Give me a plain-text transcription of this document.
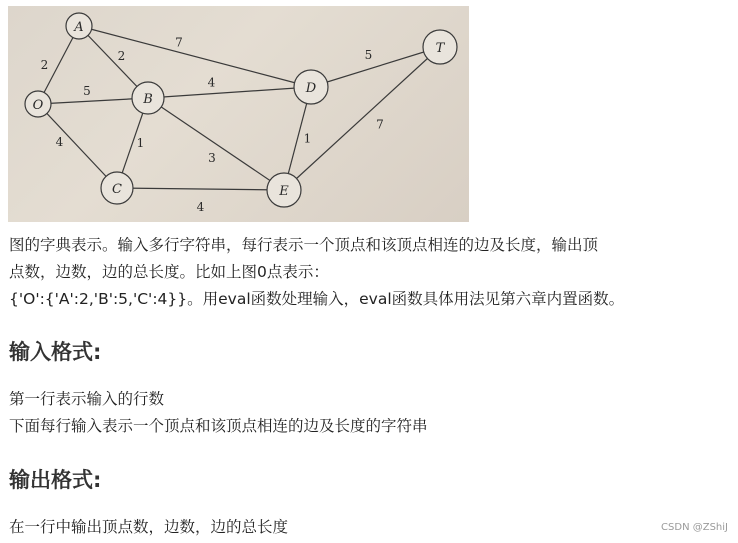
2
2
7
5
4
5
4	1
3
1
7
4
A
O	B
C
D
E
T

图的字典表示。输入多行字符串，每行表示一个顶点和该顶点相连的边及长度，输出顶

点数，边数，边的总长度。比如上图0点表示：

{'O':{'A':2,'B':5,'C':4}}。用eval函数处理输入，eval函数具体用法见第六章内置函数。

输入格式:

第一行表示输入的行数

下面每行输入表示一个顶点和该顶点相连的边及长度的字符串

输出格式:

在一行中输出顶点数，边数，边的总长度	CSDN @ZShiJ
